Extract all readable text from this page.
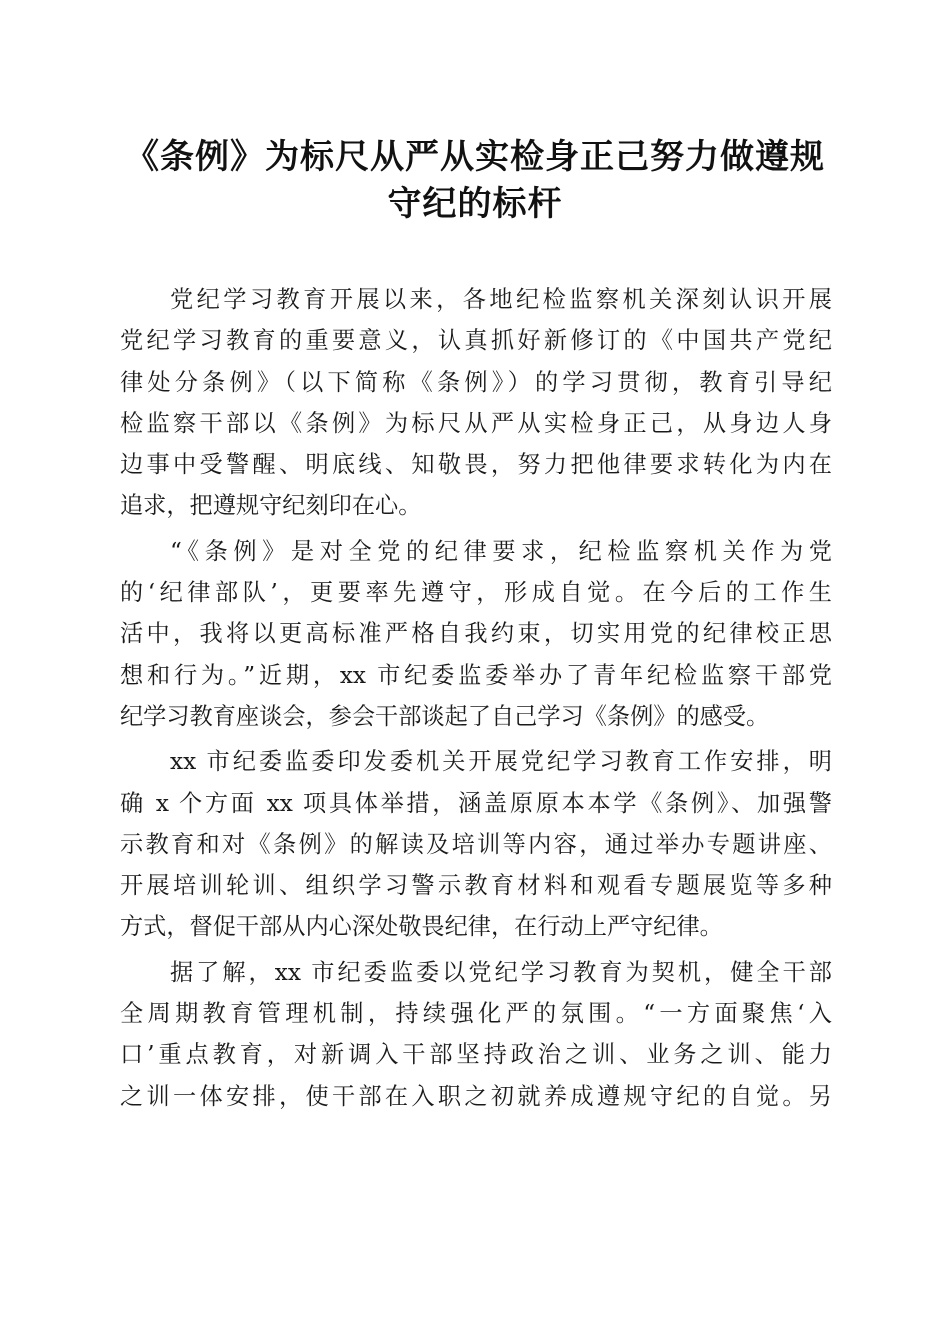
《条例》为标尺从严从实检身正己努力做遵规
守纪的标杆
党纪学习教育开展以来，各地纪检监察机关深刻认识开展
党纪学习教育的重要意义，认真抓好新修订的《中国共产党纪
律处分条例》（以下简称《条例》）的学习贯彻，教育引导纪
检监察干部以《条例》为标尺从严从实检身正己，从身边人身
边事中受警醒、明底线、知敬畏，努力把他律要求转化为内在
追求，把遵规守纪刻印在心。
“《条例》是对全党的纪律要求，纪检监察机关作为党
的‘纪律部队’，更要率先遵守，形成自觉。在今后的工作生
活中，我将以更高标准严格自我约束，切实用党的纪律校正思
想和行为。”近期，xx 市纪委监委举办了青年纪检监察干部党
纪学习教育座谈会，参会干部谈起了自己学习《条例》的感受。
xx 市纪委监委印发委机关开展党纪学习教育工作安排，明
确 x 个方面 xx 项具体举措，涵盖原原本本学《条例》、加强警
示教育和对《条例》的解读及培训等内容，通过举办专题讲座、
开展培训轮训、组织学习警示教育材料和观看专题展览等多种
方式，督促干部从内心深处敬畏纪律，在行动上严守纪律。
据了解，xx 市纪委监委以党纪学习教育为契机，健全干部
全周期教育管理机制，持续强化严的氛围。“一方面聚焦‘入
口’重点教育，对新调入干部坚持政治之训、业务之训、能力
之训一体安排，使干部在入职之初就养成遵规守纪的自觉。另
